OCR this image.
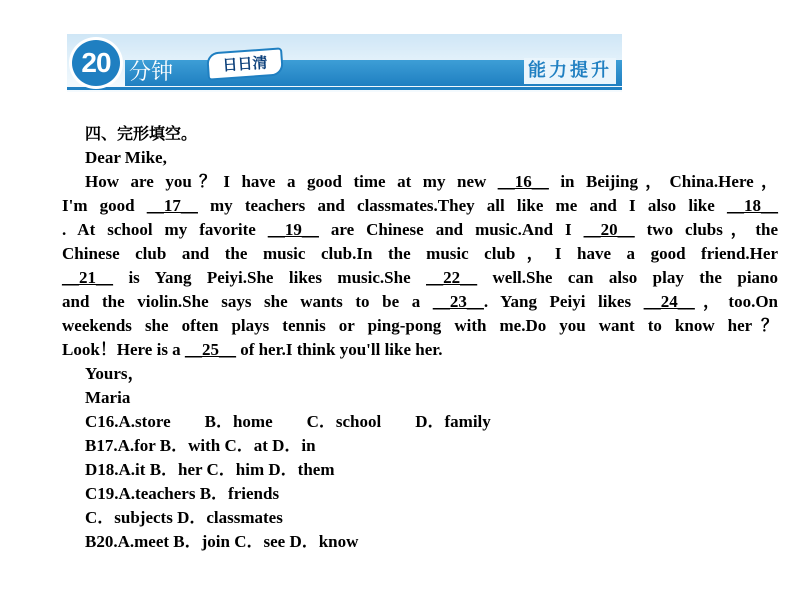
20 分钟	日日清	能力提升
四、完形填空。
Dear Mike,
How are you？I have a good time at my new __16__ in Beijing，China.Here，
I'm good __17__ my teachers and classmates.They all like me and I also like __18__
. At school my favorite __19__ are Chinese and music.And I __20__ two clubs，the
Chinese club and the music club.In the music club，I have a good friend.Her
__21__ is Yang Peiyi.She likes music.She __22__ well.She can also play the piano
and the violin.She says she wants to be a __23__. Yang Peiyi likes __24__，too.On
weekends she often plays tennis or ping-pong with me.Do you want to know her？
Look！Here is a __25__ of her.I think you'll like her.
Yours，
Maria
C16.A.store　　B．home　　C．school　　D．family
B17.A.for B．with C．at D．in
D18.A.it B．her C．him D．them
C19.A.teachers B．friends
C．subjects D．classmates
B20.A.meet B．join C．see D．know
